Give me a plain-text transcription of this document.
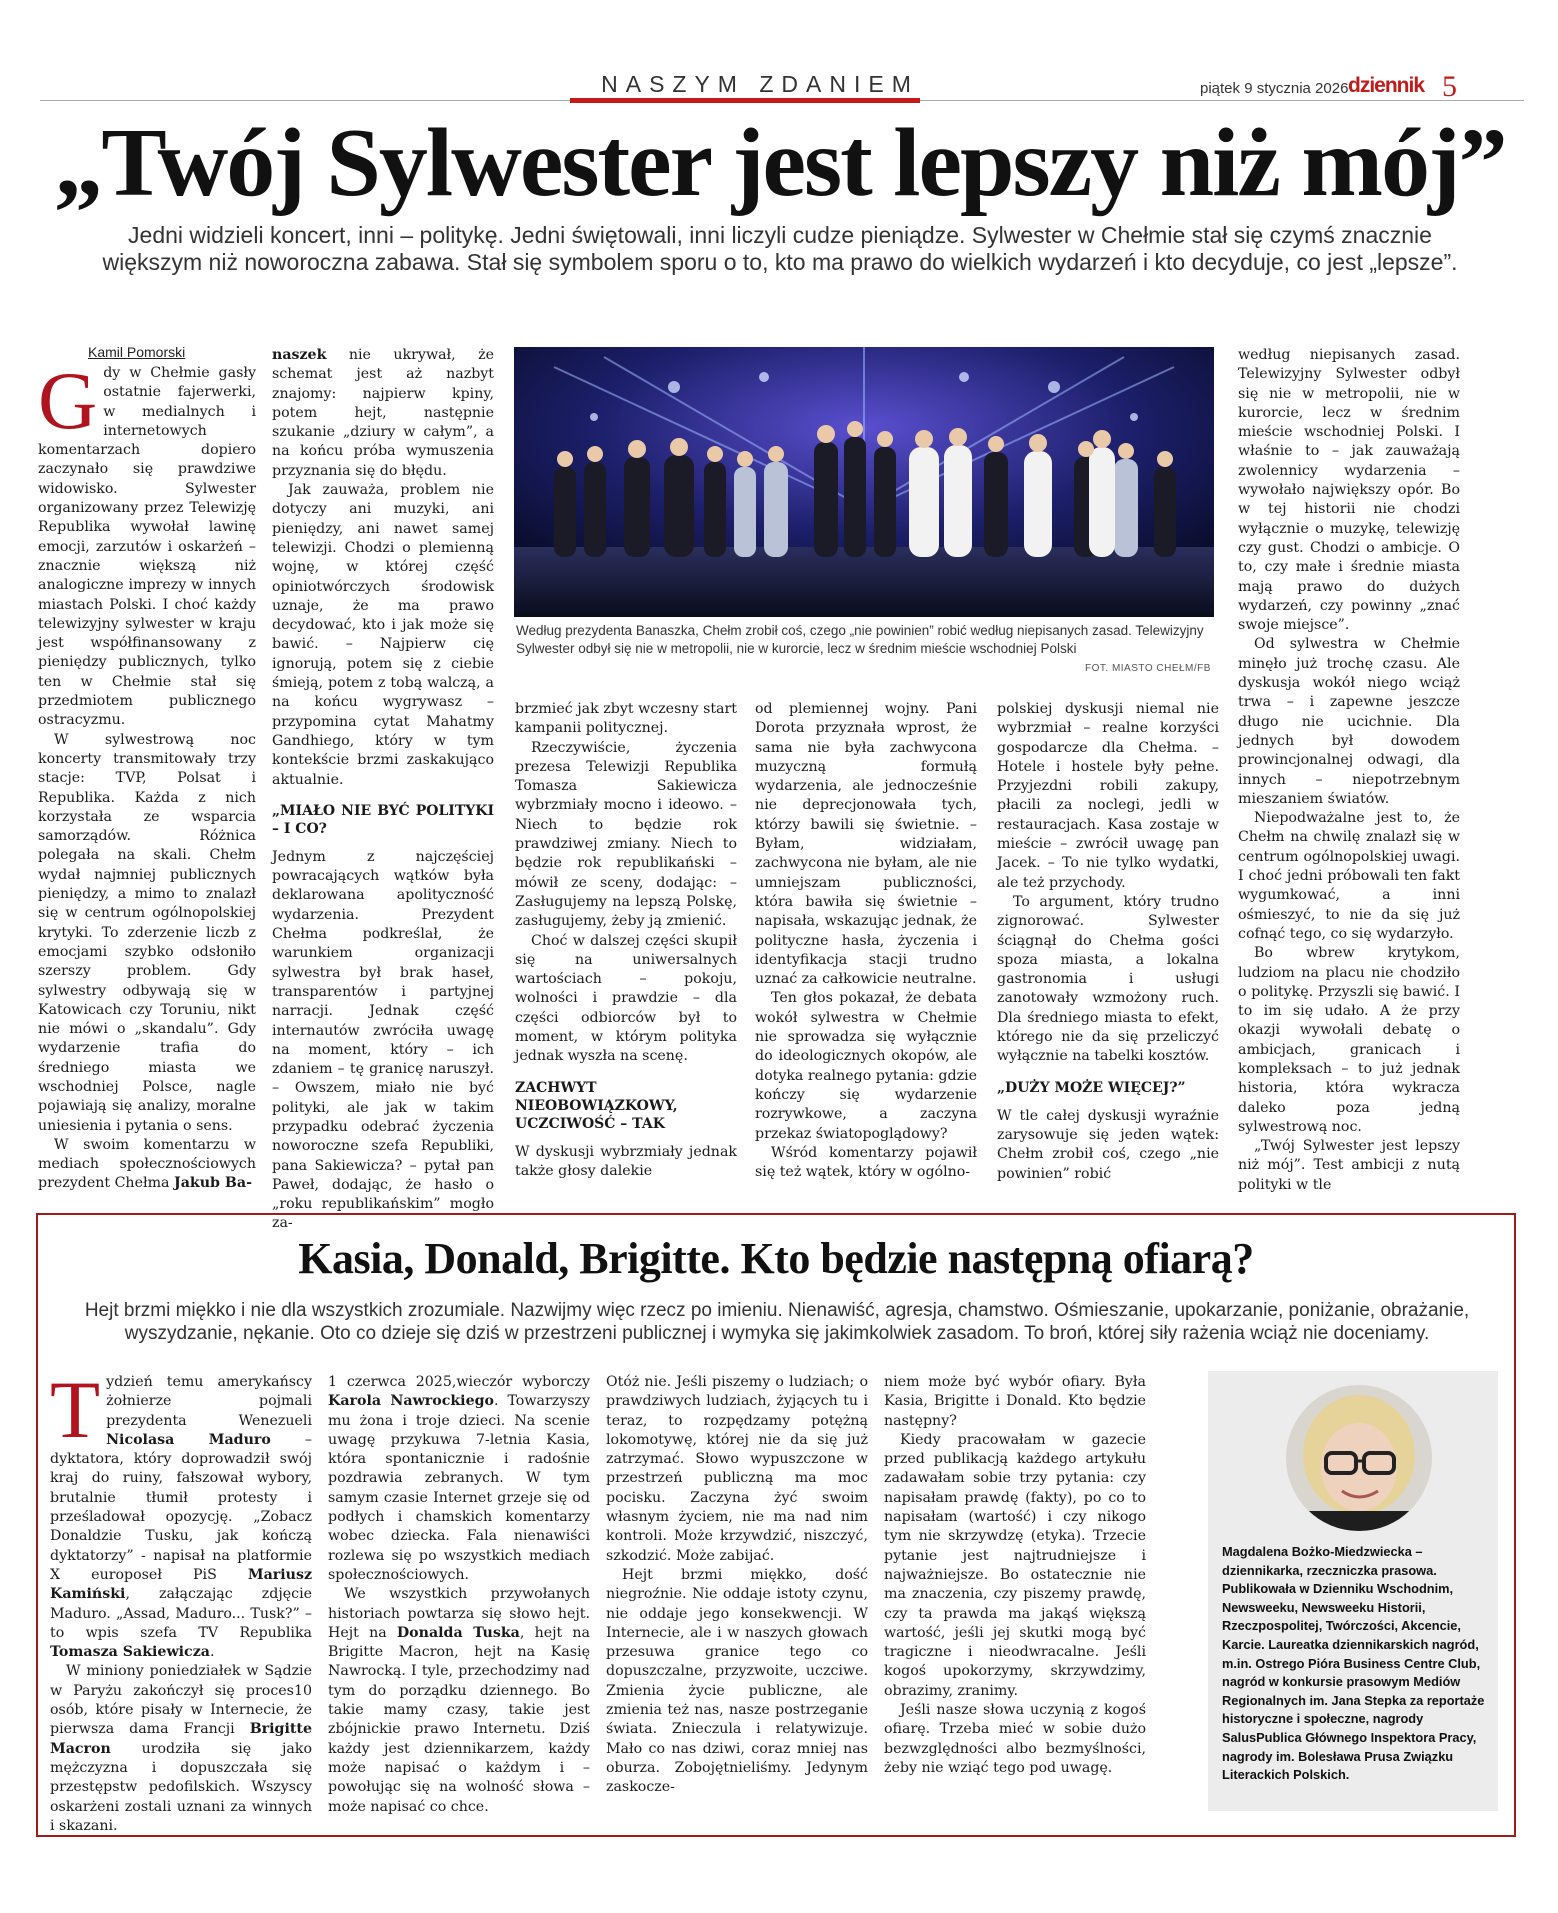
NASZYM ZDANIEM	piątek 9 stycznia 2026 dziennik 5
„Twój Sylwester jest lepszy niż mój”

Jedni widzieli koncert, inni – politykę. Jedni świętowali, inni liczyli cudze pieniądze. Sylwester w Chełmie stał się czymś znacznie większym niż noworoczna zabawa. Stał się symbolem sporu o to, kto ma prawo do wielkich wydarzeń i kto decyduje, co jest „lepsze”.

Kamil Pomorski

Gdy w Chełmie gasły ostatnie fajerwerki, w medialnych i internetowych komentarzach dopiero zaczynało się prawdziwe widowisko. Sylwester organizowany przez Telewizję Republika wywołał lawinę emocji, zarzutów i oskarżeń – znacznie większą niż analogiczne imprezy w innych miastach Polski. I choć każdy telewizyjny sylwester w kraju jest współfinansowany z pieniędzy publicznych, tylko ten w Chełmie stał się przedmiotem publicznego ostracyzmu.

W sylwestrową noc koncerty transmitowały trzy stacje: TVP, Polsat i Republika. Każda z nich korzystała ze wsparcia samorządów. Różnica polegała na skali. Chełm wydał najmniej publicznych pieniędzy, a mimo to znalazł się w centrum ogólnopolskiej krytyki. To zderzenie liczb z emocjami szybko odsłoniło szerszy problem. Gdy sylwestry odbywają się w Katowicach czy Toruniu, nikt nie mówi o „skandalu”. Gdy wydarzenie trafia do średniego miasta we wschodniej Polsce, nagle pojawiają się analizy, moralne uniesienia i pytania o sens.

W swoim komentarzu w mediach społecznościowych prezydent Chełma Jakub Ba-

naszek nie ukrywał, że schemat jest aż nazbyt znajomy: najpierw kpiny, potem hejt, następnie szukanie „dziury w całym”, a na końcu próba wymuszenia przyznania się do błędu.

Jak zauważa, problem nie dotyczy ani muzyki, ani pieniędzy, ani nawet samej telewizji. Chodzi o plemienną wojnę, w której część opiniotwórczych środowisk uznaje, że ma prawo decydować, kto i jak może się bawić. – Najpierw cię ignorują, potem się z ciebie śmieją, potem z tobą walczą, a na końcu wygrywasz – przypomina cytat Mahatmy Gandhiego, który w tym kontekście brzmi zaskakująco aktualnie.

„MIAŁO NIE BYĆ POLITYKI – I CO?

Jednym z najczęściej powracających wątków była deklarowana apolityczność wydarzenia. Prezydent Chełma podkreślał, że warunkiem organizacji sylwestra był brak haseł, transparentów i partyjnej narracji. Jednak część internautów zwróciła uwagę na moment, który – ich zdaniem – tę granicę naruszył. – Owszem, miało nie być polityki, ale jak w takim przypadku odebrać życzenia noworoczne szefa Republiki, pana Sakiewicza? – pytał pan Paweł, dodając, że hasło o „roku republikańskim” mogło za-

Według prezydenta Banaszka, Chełm zrobił coś, czego „nie powinien” robić według niepisanych zasad. Telewizyjny Sylwester odbył się nie w metropolii, nie w kurorcie, lecz w średnim mieście wschodniej Polski

FOT. MIASTO CHEŁM/FB

brzmieć jak zbyt wczesny start kampanii politycznej.

Rzeczywiście, życzenia prezesa Telewizji Republika Tomasza Sakiewicza wybrzmiały mocno i ideowo. – Niech to będzie rok prawdziwej zmiany. Niech to będzie rok republikański – mówił ze sceny, dodając: – Zasługujemy na lepszą Polskę, zasługujemy, żeby ją zmienić.

Choć w dalszej części skupił się na uniwersalnych wartościach – pokoju, wolności i prawdzie – dla części odbiorców był to moment, w którym polityka jednak wyszła na scenę.

ZACHWYT NIEOBOWIĄZKOWY, UCZCIWOŚĆ – TAK

W dyskusji wybrzmiały jednak także głosy dalekie

od plemiennej wojny. Pani Dorota przyznała wprost, że sama nie była zachwycona muzyczną formułą wydarzenia, ale jednocześnie nie deprecjonowała tych, którzy bawili się świetnie. – Byłam, widziałam, zachwycona nie byłam, ale nie umniejszam publiczności, która bawiła się świetnie – napisała, wskazując jednak, że polityczne hasła, życzenia i identyfikacja stacji trudno uznać za całkowicie neutralne.

Ten głos pokazał, że debata wokół sylwestra w Chełmie nie sprowadza się wyłącznie do ideologicznych okopów, ale dotyka realnego pytania: gdzie kończy się wydarzenie rozrywkowe, a zaczyna przekaz światopoglądowy?

Wśród komentarzy pojawił się też wątek, który w ogólno-

polskiej dyskusji niemal nie wybrzmiał – realne korzyści gospodarcze dla Chełma. – Hotele i hostele były pełne. Przyjezdni robili zakupy, płacili za noclegi, jedli w restauracjach. Kasa zostaje w mieście – zwrócił uwagę pan Jacek. – To nie tylko wydatki, ale też przychody.

To argument, który trudno zignorować. Sylwester ściągnął do Chełma gości spoza miasta, a lokalna gastronomia i usługi zanotowały wzmożony ruch. Dla średniego miasta to efekt, którego nie da się przeliczyć wyłącznie na tabelki kosztów.

„DUŻY MOŻE WIĘCEJ?”

W tle całej dyskusji wyraźnie zarysowuje się jeden wątek: Chełm zrobił coś, czego „nie powinien” robić

według niepisanych zasad. Telewizyjny Sylwester odbył się nie w metropolii, nie w kurorcie, lecz w średnim mieście wschodniej Polski. I właśnie to – jak zauważają zwolennicy wydarzenia – wywołało największy opór. Bo w tej historii nie chodzi wyłącznie o muzykę, telewizję czy gust. Chodzi o ambicje. O to, czy małe i średnie miasta mają prawo do dużych wydarzeń, czy powinny „znać swoje miejsce”.

Od sylwestra w Chełmie minęło już trochę czasu. Ale dyskusja wokół niego wciąż trwa – i zapewne jeszcze długo nie ucichnie. Dla jednych był dowodem prowincjonalnej odwagi, dla innych – niepotrzebnym mieszaniem światów.

Niepodważalne jest to, że Chełm na chwilę znalazł się w centrum ogólnopolskiej uwagi. I choć jedni próbowali ten fakt wygumkować, a inni ośmieszyć, to nie da się już cofnąć tego, co się wydarzyło.

Bo wbrew krytykom, ludziom na placu nie chodziło o politykę. Przyszli się bawić. I to im się udało. A że przy okazji wywołali debatę o ambicjach, granicach i kompleksach – to już jednak historia, która wykracza daleko poza jedną sylwestrową noc.

„Twój Sylwester jest lepszy niż mój”. Test ambicji z nutą polityki w tle

Kasia, Donald, Brigitte. Kto będzie następną ofiarą?

Hejt brzmi miękko i nie dla wszystkich zrozumiale. Nazwijmy więc rzecz po imieniu. Nienawiść, agresja, chamstwo. Ośmieszanie, upokarzanie, poniżanie, obrażanie, wyszydzanie, nękanie. Oto co dzieje się dziś w przestrzeni publicznej i wymyka się jakimkolwiek zasadom. To broń, której siły rażenia wciąż nie doceniamy.

Tydzień temu amerykańscy żołnierze pojmali prezydenta Wenezueli Nicolasa Maduro – dyktatora, który doprowadził swój kraj do ruiny, fałszował wybory, brutalnie tłumił protesty i prześladował opozycję. „Zobacz Donaldzie Tusku, jak kończą dyktatorzy” - napisał na platformie X europoseł PiS Mariusz Kamiński, załączając zdjęcie Maduro. „Assad, Maduro... Tusk?” – to wpis szefa TV Republika Tomasza Sakiewicza.

W miniony poniedziałek w Sądzie w Paryżu zakończył się proces10 osób, które pisały w Internecie, że pierwsza dama Francji Brigitte Macron urodziła się jako mężczyzna i dopuszczała się przestępstw pedofilskich. Wszyscy oskarżeni zostali uznani za winnych i skazani.

1 czerwca 2025,wieczór wyborczy Karola Nawrockiego. Towarzyszy mu żona i troje dzieci. Na scenie uwagę przykuwa 7-letnia Kasia, która spontanicznie i radośnie pozdrawia zebranych. W tym samym czasie Internet grzeje się od podłych i chamskich komentarzy wobec dziecka. Fala nienawiści rozlewa się po wszystkich mediach społecznościowych.

We wszystkich przywołanych historiach powtarza się słowo hejt. Hejt na Donalda Tuska, hejt na Brigitte Macron, hejt na Kasię Nawrocką. I tyle, przechodzimy nad tym do porządku dziennego. Bo takie mamy czasy, takie jest zbójnickie prawo Internetu. Dziś każdy jest dziennikarzem, każdy może napisać o każdym i – powołując się na wolność słowa – może napisać co chce.

Otóż nie. Jeśli piszemy o ludziach; o prawdziwych ludziach, żyjących tu i teraz, to rozpędzamy potężną lokomotywę, której nie da się już zatrzymać. Słowo wypuszczone w przestrzeń publiczną ma moc pocisku. Zaczyna żyć swoim własnym życiem, nie ma nad nim kontroli. Może krzywdzić, niszczyć, szkodzić. Może zabijać.

Hejt brzmi miękko, dość niegroźnie. Nie oddaje istoty czynu, nie oddaje jego konsekwencji. W Internecie, ale i w naszych głowach przesuwa granice tego co dopuszczalne, przyzwoite, uczciwe. Zmienia życie publiczne, ale zmienia też nas, nasze postrzeganie świata. Znieczula i relatywizuje. Mało co nas dziwi, coraz mniej nas oburza. Zobojętnieliśmy. Jedynym zaskocze-

niem może być wybór ofiary. Była Kasia, Brigitte i Donald. Kto będzie następny?

Kiedy pracowałam w gazecie przed publikacją każdego artykułu zadawałam sobie trzy pytania: czy napisałam prawdę (fakty), po co to napisałam (wartość) i czy nikogo tym nie skrzywdzę (etyka). Trzecie pytanie jest najtrudniejsze i najważniejsze. Bo ostatecznie nie ma znaczenia, czy piszemy prawdę, czy ta prawda ma jakąś większą wartość, jeśli jej skutki mogą być tragiczne i nieodwracalne. Jeśli kogoś upokorzymy, skrzywdzimy, obrazimy, zranimy.

Jeśli nasze słowa uczynią z kogoś ofiarę. Trzeba mieć w sobie dużo bezwzględności albo bezmyślności, żeby nie wziąć tego pod uwagę.

Magdalena Bożko-Miedzwiecka – dziennikarka, rzeczniczka prasowa. Publikowała w Dzienniku Wschodnim, Newsweeku, Newsweeku Historii, Rzeczpospolitej, Twórczości, Akcencie, Karcie. Laureatka dziennikarskich nagród, m.in. Ostrego Pióra Business Centre Club, nagród w konkursie prasowym Mediów Regionalnych im. Jana Stepka za reportaże historyczne i społeczne, nagrody SalusPublica Głównego Inspektora Pracy, nagrody im. Bolesława Prusa Związku Literackich Polskich.
